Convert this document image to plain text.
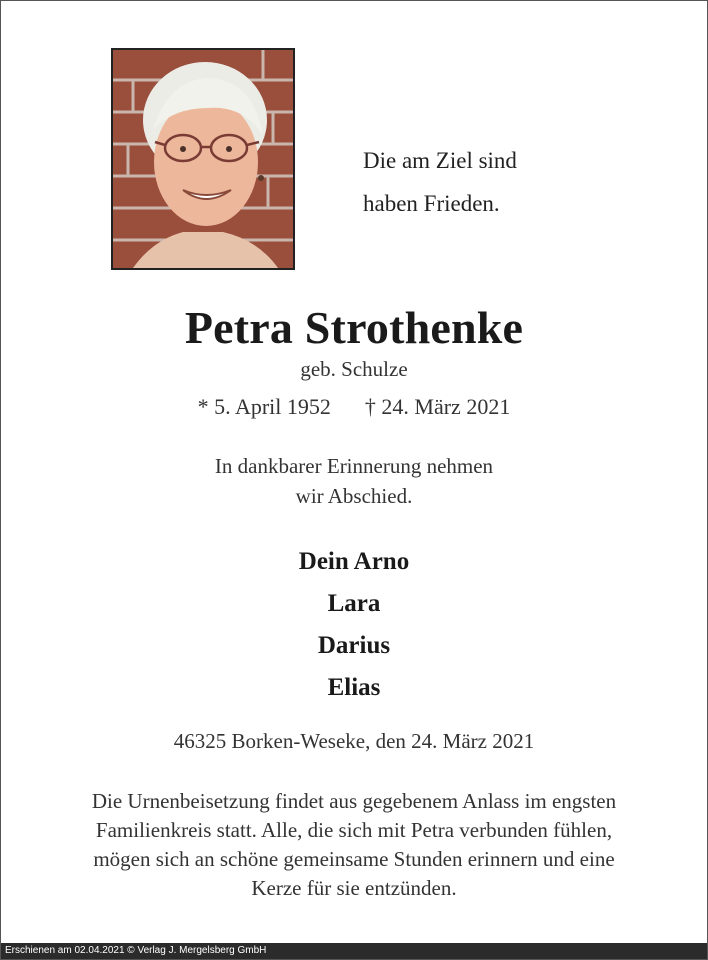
Die am Ziel sind
haben Frieden.
Petra Strothenke
geb. Schulze
* 5. April 1952 † 24. März 2021
In dankbarer Erinnerung nehmen
wir Abschied.
Dein Arno
Lara
Darius
Elias
46325 Borken-Weseke, den 24. März 2021
Die Urnenbeisetzung findet aus gegebenem Anlass im engsten
Familienkreis statt. Alle, die sich mit Petra verbunden fühlen,
mögen sich an schöne gemeinsame Stunden erinnern und eine
Kerze für sie entzünden.
Erschienen am 02.04.2021 © Verlag J. Mergelsberg GmbH
